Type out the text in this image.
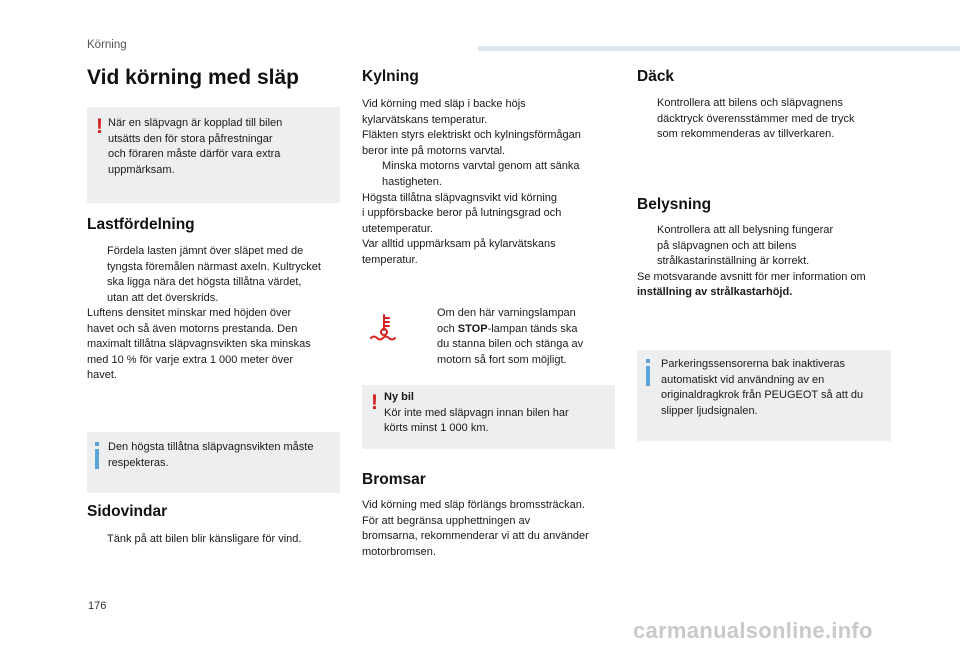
Körning
Vid körning med släp
! När en släpvagn är kopplad till bilen

utsätts den för stora påfrestningar

och föraren måste därför vara extra

uppmärksam.

Lastfördelning

Fördela lasten jämnt över släpet med de

tyngsta föremålen närmast axeln. Kultrycket

ska ligga nära det högsta tillåtna värdet,

utan att det överskrids.

Luftens densitet minskar med höjden över

havet och så även motorns prestanda. Den

maximalt tillåtna släpvagnsvikten ska minskas

med 10 % för varje extra 1 000 meter över

havet.

Den högsta tillåtna släpvagnsvikten måste

respekteras.

Sidovindar

Tänk på att bilen blir känsligare för vind.

Kylning

Vid körning med släp i backe höjs

kylarvätskans temperatur.

Fläkten styrs elektriskt och kylningsförmågan

beror inte på motorns varvtal.

Minska motorns varvtal genom att sänka

hastigheten.

Högsta tillåtna släpvagnsvikt vid körning

i uppförsbacke beror på lutningsgrad och

utetemperatur.

Var alltid uppmärksam på kylarvätskans

temperatur.

Om den här varningslampan

och STOP-lampan tänds ska

du stanna bilen och stänga av

motorn så fort som möjligt.

! Ny bil

Kör inte med släpvagn innan bilen har

körts minst 1 000 km.

Bromsar

Vid körning med släp förlängs bromssträckan.

För att begränsa upphettningen av

bromsarna, rekommenderar vi att du använder

motorbromsen.

Däck

Kontrollera att bilens och släpvagnens

däcktryck överensstämmer med de tryck

som rekommenderas av tillverkaren.

Belysning

Kontrollera att all belysning fungerar

på släpvagnen och att bilens

strålkastarinställning är korrekt.

Se motsvarande avsnitt för mer information om

inställning av strålkastarhöjd.

Parkeringssensorerna bak inaktiveras

automatiskt vid användning av en

originaldragkrok från PEUGEOT så att du

slipper ljudsignalen.

176
carmanualsonline.info
